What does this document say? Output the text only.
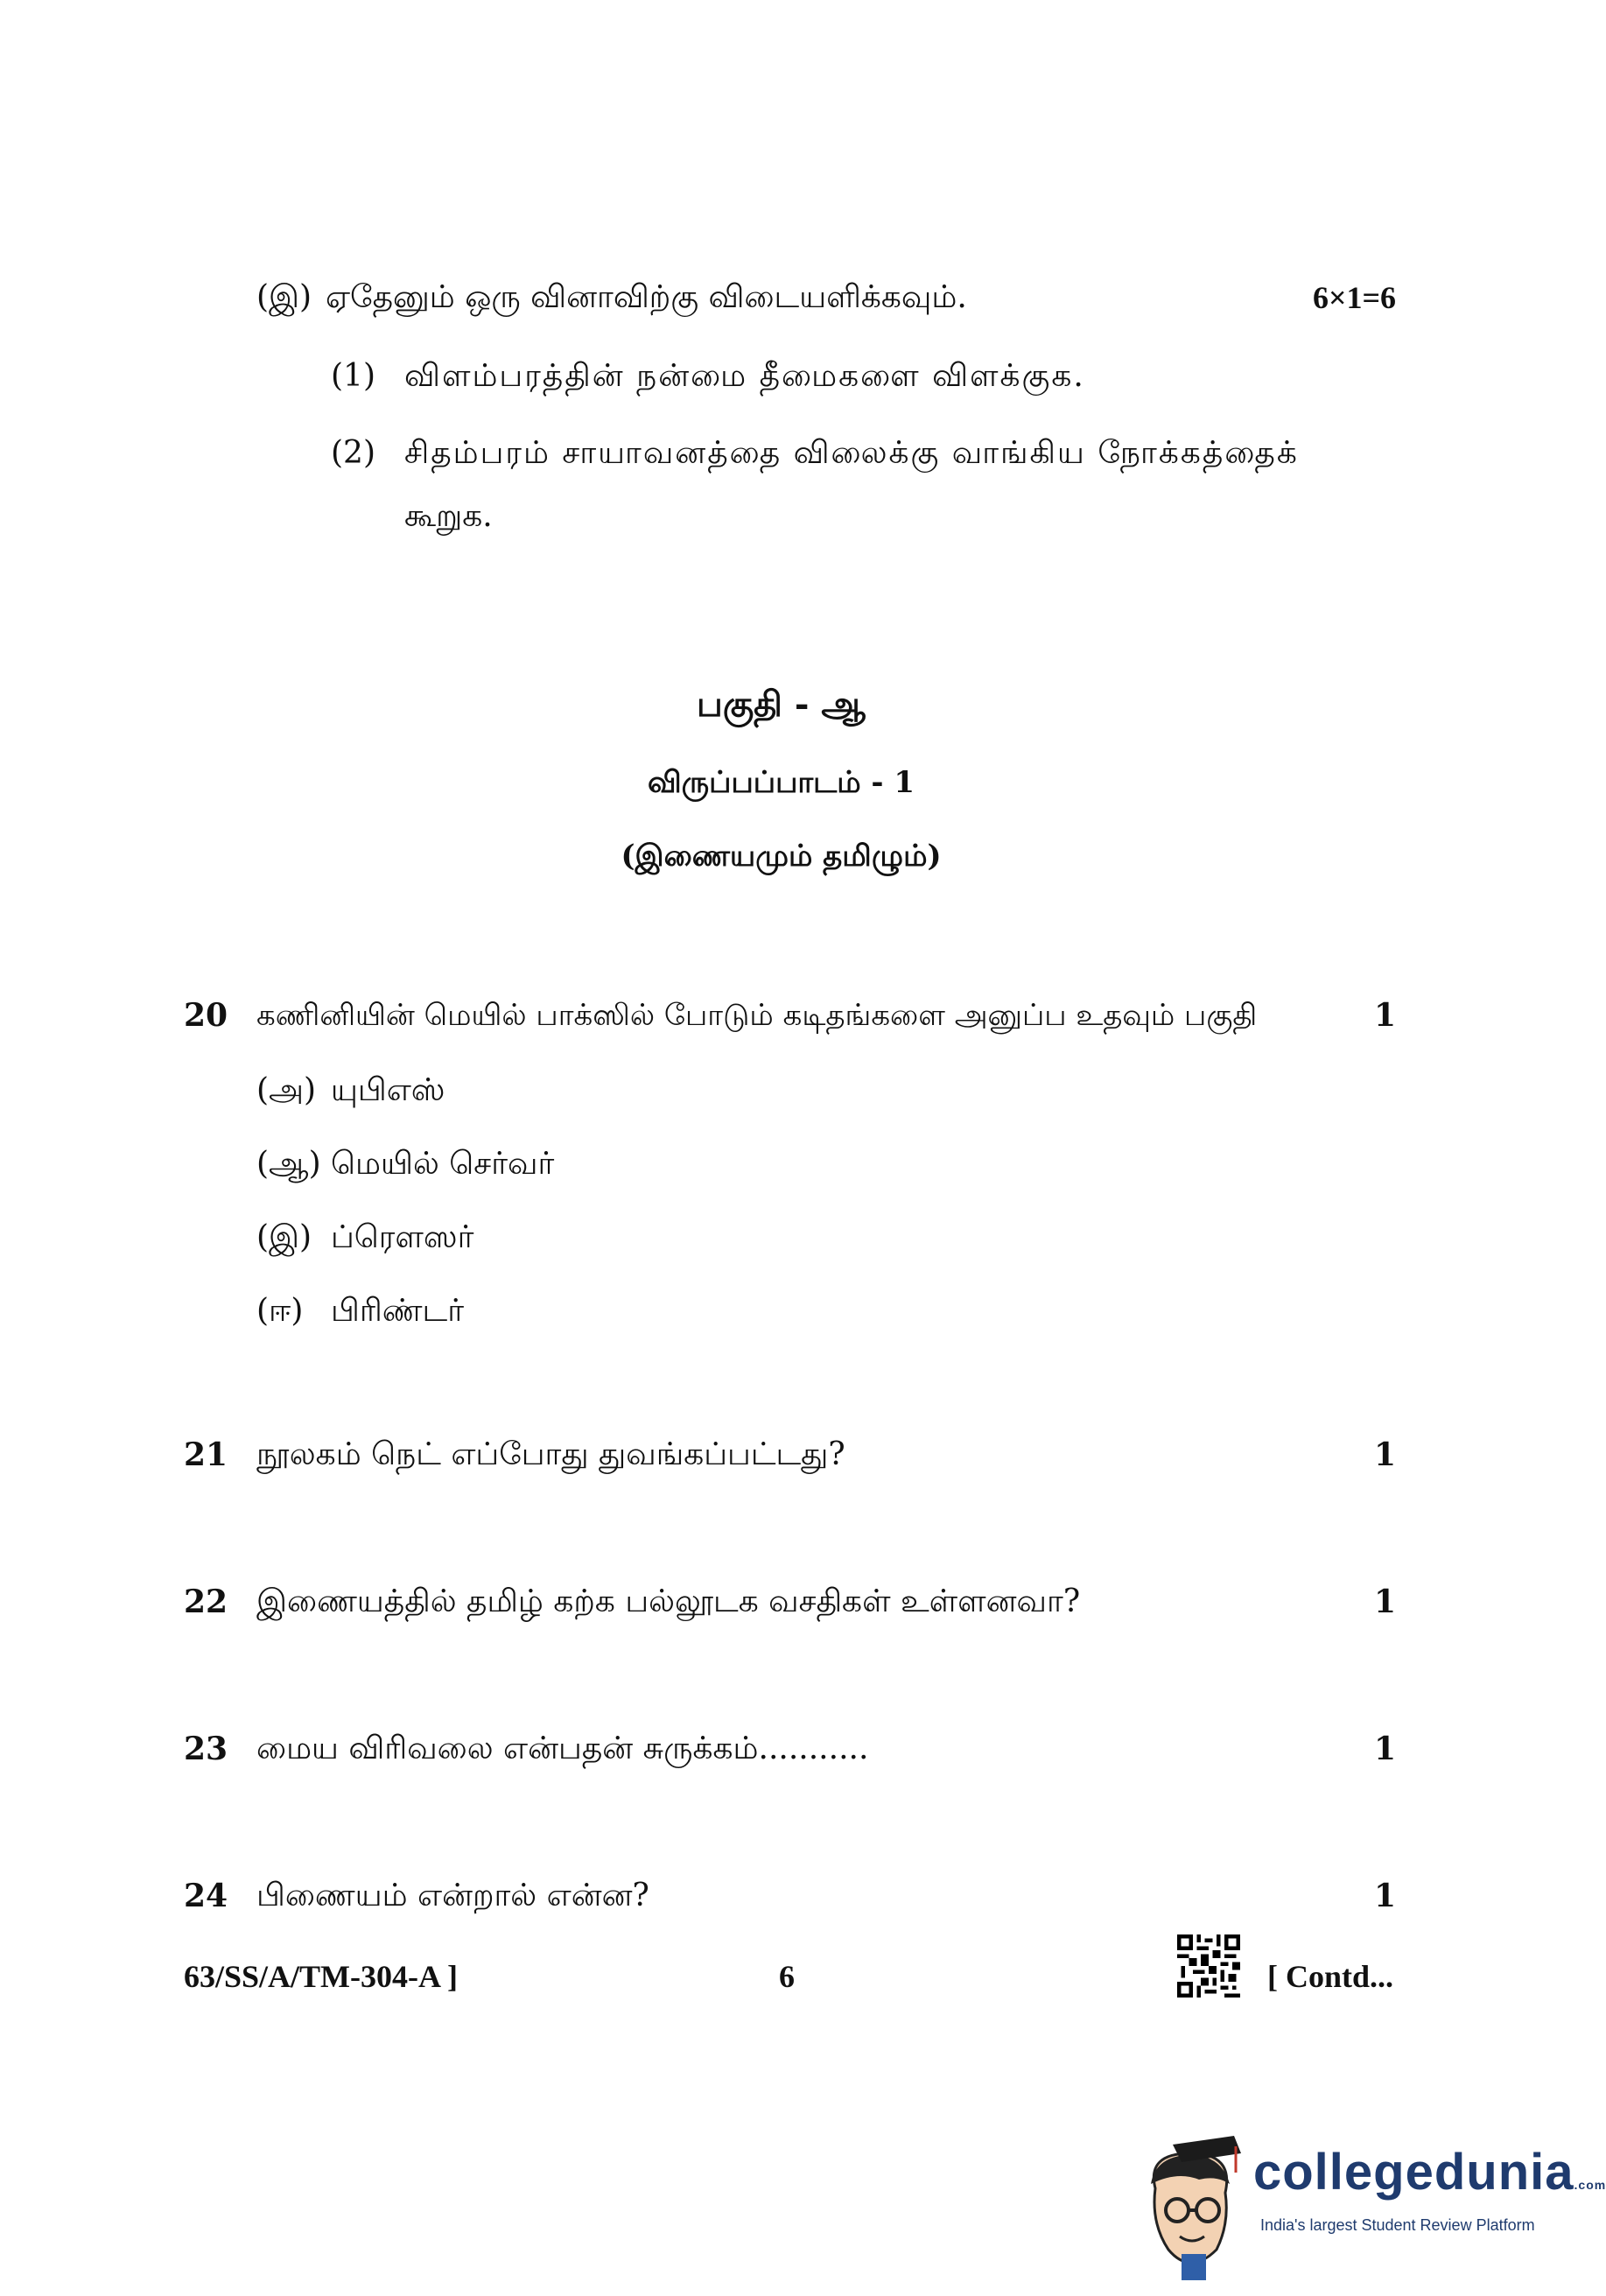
(இ) ஏதேனும் ஒரு வினாவிற்கு விடையளிக்கவும்.	6×1=6
(1) விளம்பரத்தின் நன்மை தீமைகளை விளக்குக.
(2) சிதம்பரம் சாயாவனத்தை விலைக்கு வாங்கிய நோக்கத்தைக்
கூறுக.
பகுதி - ஆ
விருப்பப்பாடம் - 1
(இணையமும் தமிழும்)
20 கணினியின் மெயில் பாக்ஸில் போடும் கடிதங்களை அனுப்ப உதவும் பகுதி	1
(அ) யுபிஎஸ்
(ஆ) மெயில் செர்வர்
(இ) ப்ரௌஸர்
(ஈ) பிரிண்டர்
21 நூலகம் நெட் எப்போது துவங்கப்பட்டது?	1
22 இணையத்தில் தமிழ் கற்க பல்லூடக வசதிகள் உள்ளனவா?	1
23 மைய விரிவலை என்பதன் சுருக்கம்...........	1
24 பிணையம் என்றால் என்ன?	1
63/SS/A/TM-304-A ]	6	[ Contd...
collegedunia.com
India's largest Student Review Platform
